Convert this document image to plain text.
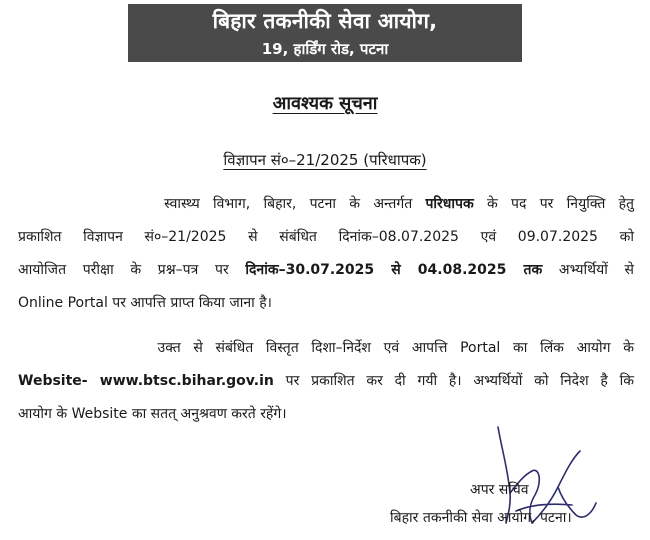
बिहार तकनीकी सेवा आयोग,
19, हार्डिंग रोड, पटना
आवश्यक सूचना
विज्ञापन सं०–21/2025 (परिधापक)
स्वास्थ्य विभाग, बिहार, पटना के अन्तर्गत परिधापक के पद पर नियुक्ति हेतु
प्रकाशित विज्ञापन सं०–21/2025 से संबंधित दिनांक–08.07.2025 एवं 09.07.2025 को
आयोजित परीक्षा के प्रश्न–पत्र पर दिनांक–30.07.2025 से 04.08.2025 तक अभ्यर्थियों से
Online Portal पर आपत्ति प्राप्त किया जाना है।
उक्त से संबंधित विस्तृत दिशा–निर्देश एवं आपत्ति Portal का लिंक आयोग के
Website- www.btsc.bihar.gov.in पर प्रकाशित कर दी गयी है। अभ्यर्थियों को निदेश है कि
आयोग के Website का सतत् अनुश्रवण करते रहेंगे।
अपर सचिव
बिहार तकनीकी सेवा आयोग, पटना।
